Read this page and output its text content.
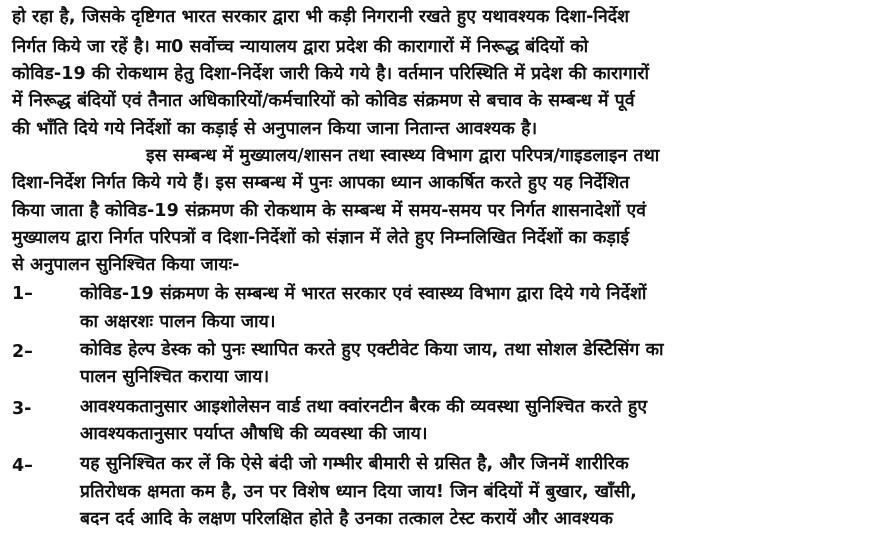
हो रहा है, जिसके दृष्टिगत भारत सरकार द्वारा भी कड़ी निगरानी रखते हुए यथावश्यक दिशा-निर्देश
निर्गत किये जा रहें है। मा0 सर्वोच्च न्यायालय द्वारा प्रदेश की कारागारों में निरूद्ध बंदियों को
कोविड-19 की रोकथाम हेतु दिशा-निर्देश जारी किये गये है। वर्तमान परिस्थिति में प्रदेश की कारागारों
में निरूद्ध बंदियों एवं तैनात अधिकारियों/कर्मचारियों को कोविड संक्रमण से बचाव के सम्बन्ध में पूर्व
की भाँति दिये गये निर्देशों का कड़ाई से अनुपालन किया जाना नितान्त आवश्यक है।
इस सम्बन्ध में मुख्यालय/शासन तथा स्वास्थ्य विभाग द्वारा परिपत्र/गाइडलाइन तथा
दिशा-निर्देश निर्गत किये गये हैं। इस सम्बन्ध में पुनः आपका ध्यान आकर्षित करते हुए यह निर्देशित
किया जाता है कोविड-19 संक्रमण की रोकथाम के सम्बन्ध में समय-समय पर निर्गत शासनादेशों एवं
मुख्यालय द्वारा निर्गत परिपत्रों व दिशा-निर्देशों को संज्ञान में लेते हुए निम्नलिखित निर्देशों का कड़ाई
से अनुपालन सुनिश्चित किया जायः-
1–	कोविड-19 संक्रमण के सम्बन्ध में भारत सरकार एवं स्वास्थ्य विभाग द्वारा दिये गये निर्देशों
का अक्षरशः पालन किया जाय।
2–	कोविड हेल्प डेस्क को पुनः स्थापित करते हुए एक्टीवेट किया जाय, तथा सोशल डेस्टिेसिंग का
पालन सुनिश्चित कराया जाय।
3-	आवश्यकतानुसार आइशोलेसन वार्ड तथा क्वांरनटीन बैरक की व्यवस्था सुनिश्चित करते हुए
आवश्यकतानुसार पर्याप्त औषधि की व्यवस्था की जाय।
4–	यह सुनिश्चित कर लें कि ऐसे बंदी जो गम्भीर बीमारी से ग्रसित है, और जिनमें शारीरिक
प्रतिरोधक क्षमता कम है, उन पर विशेष ध्यान दिया जाय! जिन बंदियों में बुखार, खाँसी,
बदन दर्द आदि के लक्षण परिलक्षित होते है उनका तत्काल टेस्ट करायें और आवश्यक
